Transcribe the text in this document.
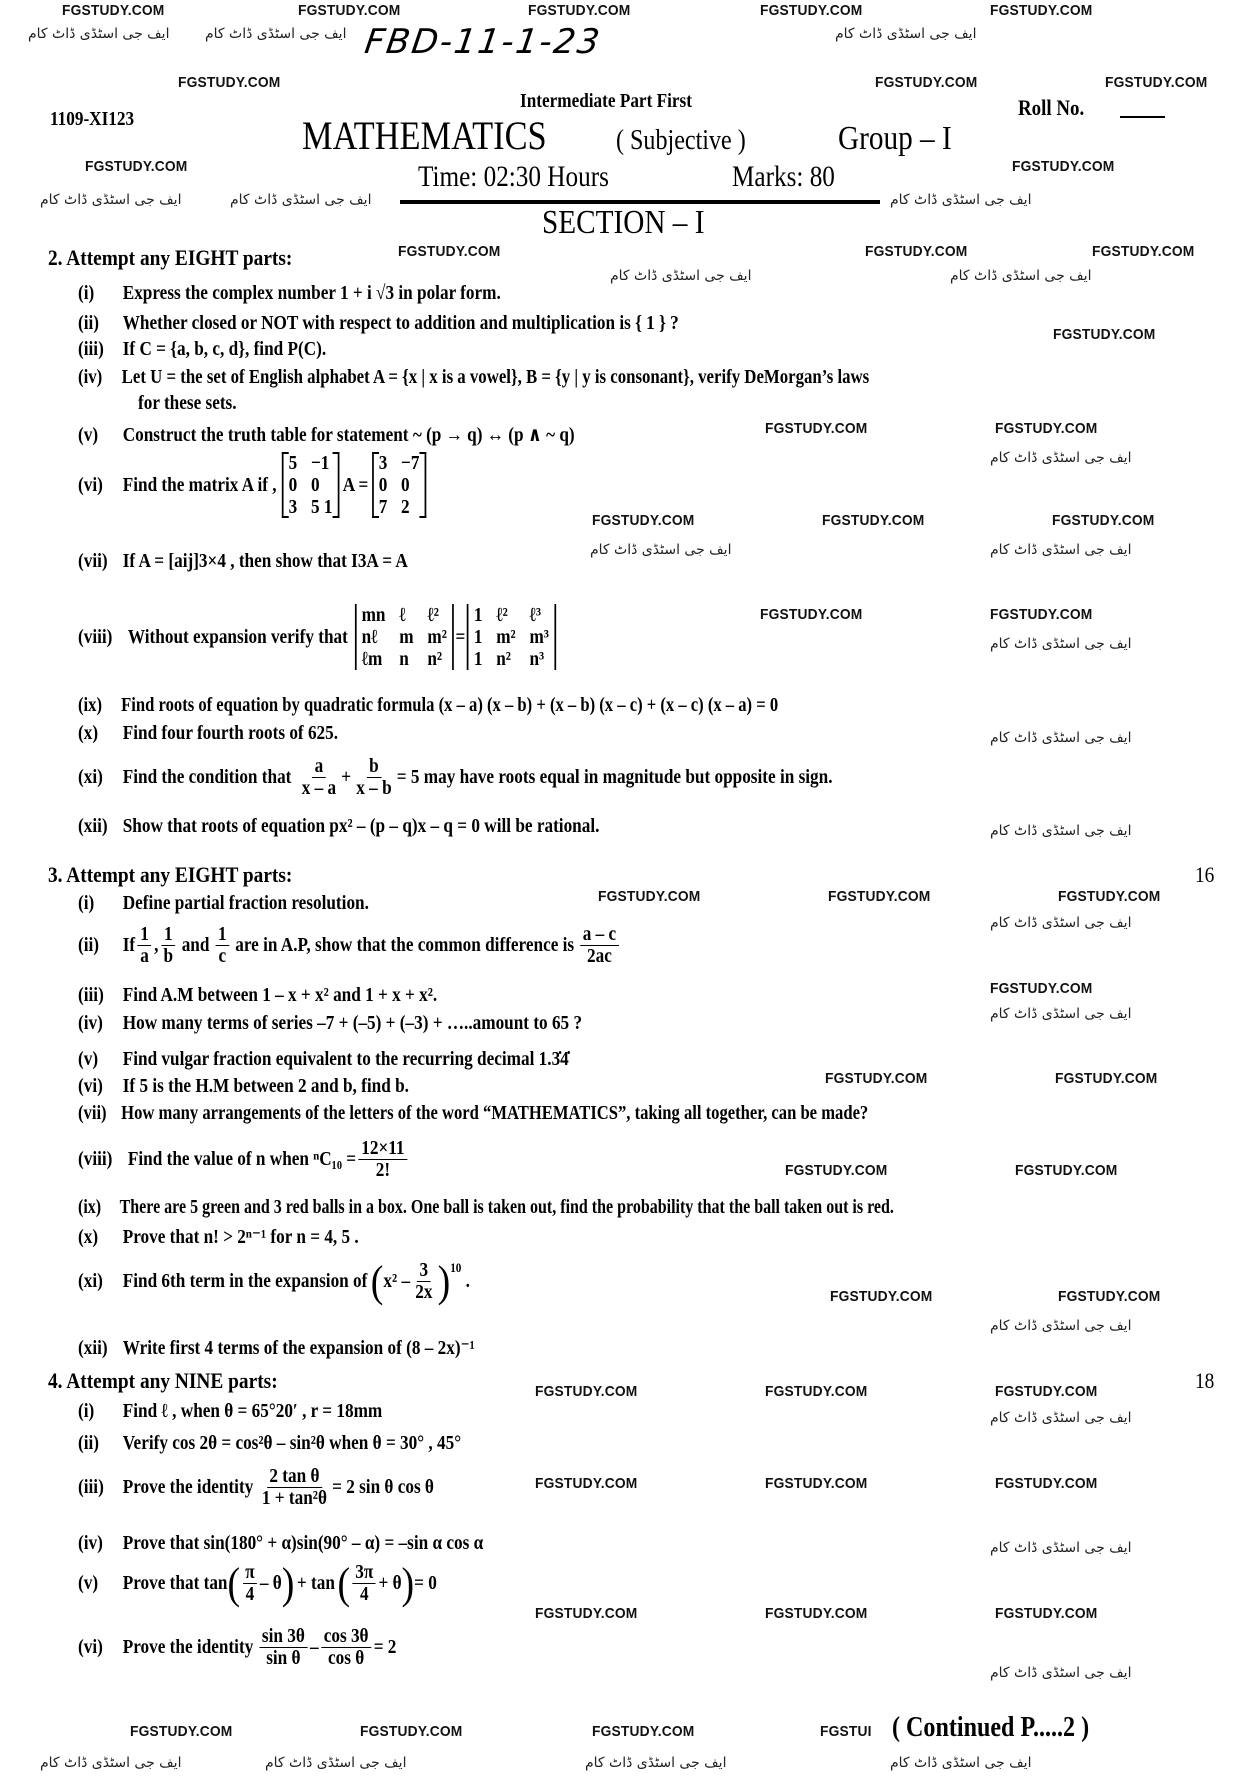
FGSTUDY.COM	FGSTUDY.COM	FGSTUDY.COM	FGSTUDY.COM	FGSTUDY.COM
ایف جی اسٹڈی ڈاٹ کام	ایف جی اسٹڈی ڈاٹ کام	ایف جی اسٹڈی ڈاٹ کام
FGSTUDY.COM	FGSTUDY.COM	FGSTUDY.COM
FGSTUDY.COM	FGSTUDY.COM
ایف جی اسٹڈی ڈاٹ کام	ایف جی اسٹڈی ڈاٹ کام	ایف جی اسٹڈی ڈاٹ کام
FGSTUDY.COM	FGSTUDY.COM	FGSTUDY.COM
ایف جی اسٹڈی ڈاٹ کام	ایف جی اسٹڈی ڈاٹ کام
FGSTUDY.COM
FGSTUDY.COM	FGSTUDY.COM
ایف جی اسٹڈی ڈاٹ کام
FGSTUDY.COM	FGSTUDY.COM	FGSTUDY.COM
ایف جی اسٹڈی ڈاٹ کام	ایف جی اسٹڈی ڈاٹ کام
FGSTUDY.COM	FGSTUDY.COM
ایف جی اسٹڈی ڈاٹ کام
ایف جی اسٹڈی ڈاٹ کام
ایف جی اسٹڈی ڈاٹ کام
FGSTUDY.COM	FGSTUDY.COM	FGSTUDY.COM
ایف جی اسٹڈی ڈاٹ کام
FGSTUDY.COM
ایف جی اسٹڈی ڈاٹ کام
FGSTUDY.COM	FGSTUDY.COM
FGSTUDY.COM	FGSTUDY.COM
FGSTUDY.COM	FGSTUDY.COM
ایف جی اسٹڈی ڈاٹ کام
FGSTUDY.COM	FGSTUDY.COM	FGSTUDY.COM
ایف جی اسٹڈی ڈاٹ کام
FGSTUDY.COM	FGSTUDY.COM	FGSTUDY.COM
ایف جی اسٹڈی ڈاٹ کام
FGSTUDY.COM	FGSTUDY.COM	FGSTUDY.COM
ایف جی اسٹڈی ڈاٹ کام
FGSTUDY.COM	FGSTUDY.COM	FGSTUDY.COM
ایف جی اسٹڈی ڈاٹ کام	ایف جی اسٹڈی ڈاٹ کام	ایف جی اسٹڈی ڈاٹ کام	ایف جی اسٹڈی ڈاٹ کام
FBD-11-1-23
Intermediate Part First
1109-XI123	Roll No.
MATHEMATICS ( Subjective )	Group – I
Time: 02:30 Hours	Marks: 80
SECTION – I
2. Attempt any EIGHT parts:
(i) Express the complex number 1 + i √3 in polar form.
(ii) Whether closed or NOT with respect to addition and multiplication is { 1 } ?
(iii) If C = {a, b, c, d}, find P(C).
(iv) Let U = the set of English alphabet A = {x | x is a vowel}, B = {y | y is consonant}, verify DeMorgan’s laws
for these sets.
(v) Construct the truth table for statement ~ (p → q) ↔ (p ∧ ~ q)
(vi) Find the matrix A if ,
5 −1
0 0
3 5 1
A =
3 −7
0 0
7 2
(vii) If A = [aij]3×4 , then show that I3A = A
(viii) Without expansion verify that
mn ℓ	ℓ²
nℓ	m m²
ℓm n n²
=
1 ℓ²	ℓ³
1 m² m³
1 n² n³
(ix) Find roots of equation by quadratic formula (x – a) (x – b) + (x – b) (x – c) + (x – c) (x – a) = 0
(x) Find four fourth roots of 625.
(xi) Find the condition that $\frac{a}{x - a} + \frac{b}{x - b} = 5$ may have roots equal in magnitude but opposite in sign.
(xii) Show that roots of equation px² – (p – q)x – q = 0 will be rational.
3. Attempt any EIGHT parts:	16
(i) Define partial fraction resolution.
(ii)	If $\frac{1}{a}$ , $\frac{1}{b}$ and $\frac{1}{c}$ are in A.P, show that the common difference is $\frac{a - c}{2ac}$
(iii) Find A.M between 1 – x + x² and 1 + x + x².
(iv) How many terms of series –7 + (–5) + (–3) + …..amount to 65 ?
(v) Find vulgar fraction equivalent to the recurring decimal 1.3̇4̇
(vi) If 5 is the H.M between 2 and b, find b.
(vii) How many arrangements of the letters of the word “MATHEMATICS”, taking all together, can be made?
(viii) Find the value of n when $^nC_{10} = \frac{12\times 11}{2!}$
(ix) There are 5 green and 3 red balls in a box. One ball is taken out, find the probability that the ball taken out is red.
(x) Prove that n! > 2ⁿ⁻¹ for n = 4, 5 .
(xi) Find 6th term in the expansion of ( $x^2 - \frac{3}{2x} )^{10}$
.
(xii) Write first 4 terms of the expansion of (8 – 2x)⁻¹
4. Attempt any NINE parts:	18
(i) Find ℓ , when θ = 65°20′ , r = 18mm
(ii) Verify cos 2θ = cos²θ – sin²θ when θ = 30° , 45°
(iii) Prove the identity $\frac{\text{2 tan θ}}{\text{1 + tan²θ}} = 2$ sin θ cos θ
(iv) Prove that sin(180° + α)sin(90° – α) = –sin α cos α
(v)	Prove that tan ( $\frac{\pi}{4}$ – θ ) + tan ( $\frac{3\pi}{4} + \theta$ ) = 0
(vi) Prove the identity $\frac{\sin 3\theta}{\text{sin θ}} - \frac{\cos 3\theta}{\text{cos θ}} = 2$
FGSTUI ( Continued P.....2 )
